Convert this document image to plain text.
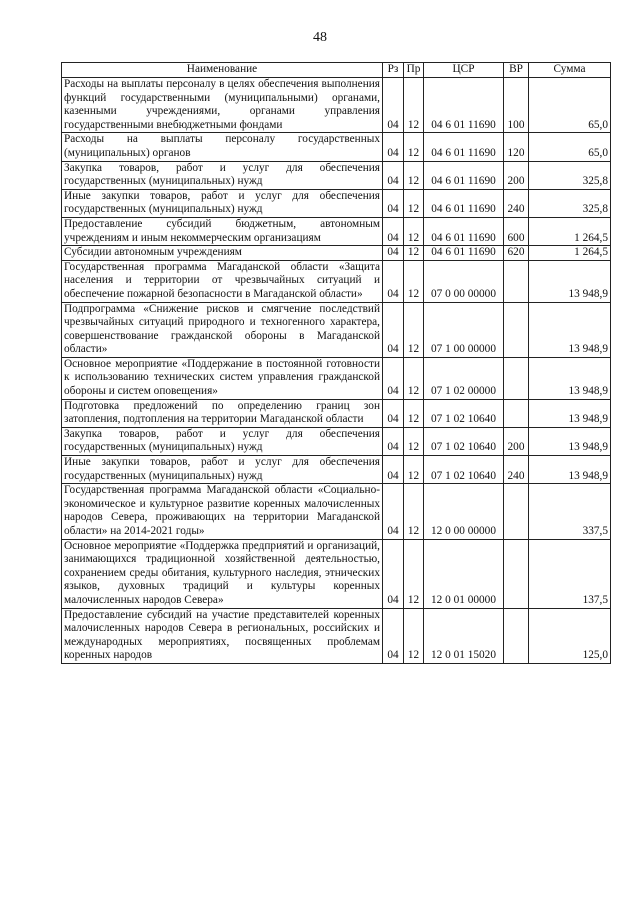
48
Наименование	Рз	Пр	ЦСР	ВР	Сумма
Расходы на выплаты персоналу в целях обеспечения выполнения функций государственными (муниципальными) органами, казенными учреждениями, органами управления государственными внебюджетными фондами	04	12	04 6 01 11690	100	65,0
Расходы на выплаты персоналу государственных (муниципальных) органов	04	12	04 6 01 11690	120	65,0
Закупка товаров, работ и услуг для обеспечения государственных (муниципальных) нужд	04	12	04 6 01 11690	200	325,8
Иные закупки товаров, работ и услуг для обеспечения государственных (муниципальных) нужд	04	12	04 6 01 11690	240	325,8
Предоставление субсидий бюджетным, автономным учреждениям и иным некоммерческим организациям	04	12	04 6 01 11690	600	1 264,5
Субсидии автономным учреждениям	04	12	04 6 01 11690	620	1 264,5
Государственная программа Магаданской области «Защита населения и территории от чрезвычайных ситуаций и обеспечение пожарной безопасности в Магаданской области»	04	12	07 0 00 00000		13 948,9
Подпрограмма «Снижение рисков и смягчение последствий чрезвычайных ситуаций природного и техногенного характера, совершенствование гражданской обороны в Магаданской области»	04	12	07 1 00 00000		13 948,9
Основное мероприятие «Поддержание в постоянной готовности к использованию технических систем управления гражданской обороны и систем оповещения»	04	12	07 1 02 00000		13 948,9
Подготовка предложений по определению границ зон затопления, подтопления на территории Магаданской области	04	12	07 1 02 10640		13 948,9
Закупка товаров, работ и услуг для обеспечения государственных (муниципальных) нужд	04	12	07 1 02 10640	200	13 948,9
Иные закупки товаров, работ и услуг для обеспечения государственных (муниципальных) нужд	04	12	07 1 02 10640	240	13 948,9
Государственная программа Магаданской области «Социально-экономическое и культурное развитие коренных малочисленных народов Севера, проживающих на территории Магаданской области» на 2014-2021 годы»	04	12	12 0 00 00000		337,5
Основное мероприятие «Поддержка предприятий и организаций, занимающихся традиционной хозяйственной деятельностью, сохранением среды обитания, культурного наследия, этнических языков, духовных традиций и культуры коренных малочисленных народов Севера»	04	12	12 0 01 00000		137,5
Предоставление субсидий на участие представителей коренных малочисленных народов Севера в региональных, российских и международных мероприятиях, посвященных проблемам коренных народов	04	12	12 0 01 15020		125,0
